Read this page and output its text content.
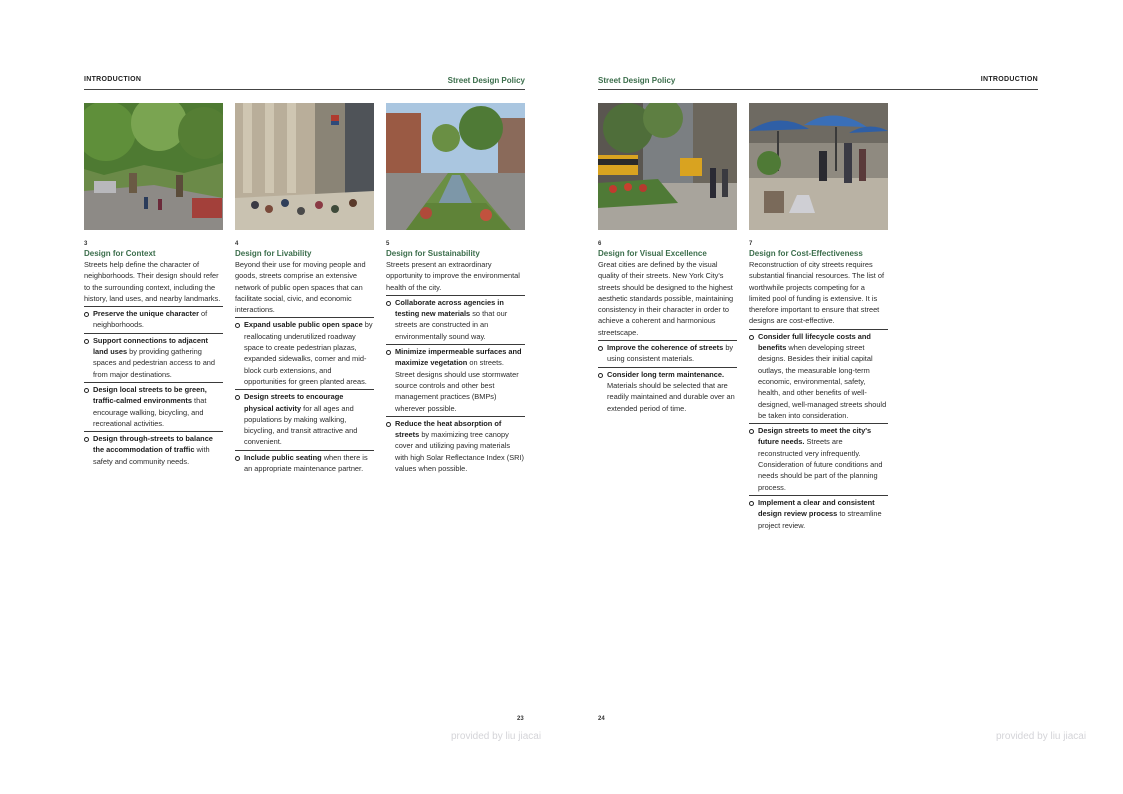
INTRODUCTION	Street Design Policy
3
Design for Context
Streets help define the character of neighborhoods. Their design should refer to the surrounding context, including the history, land uses, and nearby landmarks.
Preserve the unique character of neighborhoods.
Support connections to adjacent land uses by providing gathering spaces and pedestrian access to and from major destinations.
Design local streets to be green, traffic-calmed environments that encourage walking, bicycling, and recreational activities.
Design through-streets to balance the accommodation of traffic with safety and community needs.
4
Design for Livability
Beyond their use for moving people and goods, streets comprise an extensive network of public open spaces that can facilitate social, civic, and economic interactions.
Expand usable public open space by reallocating underutilized roadway space to create pedestrian plazas, expanded sidewalks, corner and mid-block curb extensions, and opportunities for green planted areas.
Design streets to encourage physical activity for all ages and populations by making walking, bicycling, and transit attractive and convenient.
Include public seating when there is an appropriate maintenance partner.
5
Design for Sustainability
Streets present an extraordinary opportunity to improve the environmental health of the city.
Collaborate across agencies in testing new materials so that our streets are constructed in an environmentally sound way.
Minimize impermeable surfaces and maximize vegetation on streets. Street designs should use stormwater source controls and other best management practices (BMPs) wherever possible.
Reduce the heat absorption of streets by maximizing tree canopy cover and utilizing paving materials with high Solar Reflectance Index (SRI) values when possible.
23
provided by liu jiacai
Street Design Policy	INTRODUCTION
6
Design for Visual Excellence
Great cities are defined by the visual quality of their streets. New York City's streets should be designed to the highest aesthetic standards possible, maintaining consistency in their character in order to achieve a coherent and harmonious streetscape.
Improve the coherence of streets by using consistent materials.
Consider long term maintenance. Materials should be selected that are readily maintained and durable over an extended period of time.
7
Design for Cost-Effectiveness
Reconstruction of city streets requires substantial financial resources. The list of worthwhile projects competing for a limited pool of funding is extensive. It is therefore important to ensure that street designs are cost-effective.
Consider full lifecycle costs and benefits when developing street designs. Besides their initial capital outlays, the measurable long-term economic, environmental, safety, health, and other benefits of well-designed, well-managed streets should be taken into consideration.
Design streets to meet the city's future needs. Streets are reconstructed very infrequently. Consideration of future conditions and needs should be part of the planning process.
Implement a clear and consistent design review process to streamline project review.
24
provided by liu jiacai
